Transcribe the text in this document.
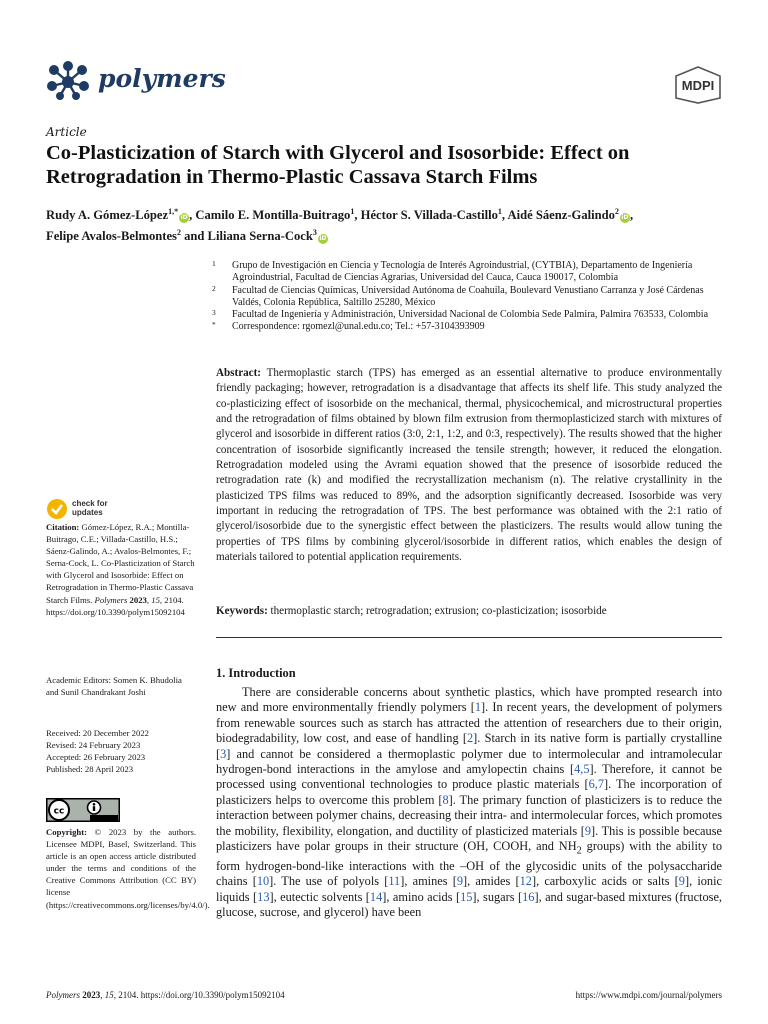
polymers	MDPI
Article
Co-Plasticization of Starch with Glycerol and Isosorbide: Effect on Retrogradation in Thermo-Plastic Cassava Starch Films
Rudy A. Gómez-López$^{1,*}$iD, Camilo E. Montilla-Buitrago$^1$, Héctor S. Villada-Castillo$^1$, Aidé Sáenz-Galindo$^2$iD,
Felipe Avalos-Belmontes$^2$ and Liliana Serna-Cock$^3$iD
1 Grupo de Investigación en Ciencia y Tecnología de Interés Agroindustrial, (CYTBIA), Departamento de Ingeniería Agroindustrial, Facultad de Ciencias Agrarias, Universidad del Cauca, Cauca 190017, Colombia
2 Facultad de Ciencias Químicas, Universidad Autónoma de Coahuila, Boulevard Venustiano Carranza y José Cárdenas Valdés, Colonia República, Saltillo 25280, México
3 Facultad de Ingeniería y Administración, Universidad Nacional de Colombia Sede Palmira, Palmira 763533, Colombia
* Correspondence: rgomezl@unal.edu.co; Tel.: +57-3104393909
check for
updates
Citation: Gómez-López, R.A.; Montilla-Buitrago, C.E.; Villada-Castillo, H.S.; Sáenz-Galindo, A.; Avalos-Belmontes, F.; Serna-Cock, L. Co-Plasticization of Starch with Glycerol and Isosorbide: Effect on Retrogradation in Thermo-Plastic Cassava Starch Films. Polymers 2023, 15, 2104. https://doi.org/10.3390/polym15092104
Academic Editors: Somen K. Bhudolia and Sunil Chandrakant Joshi
Received: 20 December 2022
Revised: 24 February 2023
Accepted: 26 February 2023
Published: 28 April 2023
cc
Copyright: © 2023 by the authors. Licensee MDPI, Basel, Switzerland. This article is an open access article distributed under the terms and conditions of the Creative Commons Attribution (CC BY) license (https://creativecommons.org/licenses/by/4.0/).
Abstract: Thermoplastic starch (TPS) has emerged as an essential alternative to produce environmentally friendly packaging; however, retrogradation is a disadvantage that affects its shelf life. This study analyzed the co-plasticizing effect of isosorbide on the mechanical, thermal, physicochemical, and microstructural properties and the retrogradation of films obtained by blown film extrusion from thermoplasticized starch with mixtures of glycerol and isosorbide in different ratios (3:0, 2:1, 1:2, and 0:3, respectively). The results showed that the higher concentration of isosorbide significantly increased the tensile strength; however, it reduced the elongation. Retrogradation modeled using the Avrami equation showed that the presence of isosorbide reduced the retrogradation rate (k) and modified the recrystallization mechanism (n). The relative crystallinity in the plasticized TPS films was reduced to 89%, and the adsorption significantly decreased. Isosorbide was very important in reducing the retrogradation of TPS. The best performance was obtained with the 2:1 ratio of glycerol/isosorbide due to the synergistic effect between the plasticizers. The results would allow tuning the properties of TPS films by combining glycerol/isosorbide in different ratios, which enables the design of materials tailored to potential application requirements.
Keywords: thermoplastic starch; retrogradation; extrusion; co-plasticization; isosorbide
1. Introduction

There are considerable concerns about synthetic plastics, which have prompted research into new and more environmentally friendly polymers [1]. In recent years, the development of polymers from renewable sources such as starch has attracted the attention of researchers due to their origin, biodegradability, low cost, and ease of handling [2]. Starch in its native form is partially crystalline [3] and cannot be considered a thermoplastic polymer due to intermolecular and intramolecular hydrogen-bond interactions in the amylose and amylopectin chains [4,5]. Therefore, it cannot be processed using conventional technologies to produce plastic materials [6,7]. The incorporation of plasticizers helps to overcome this problem [8]. The primary function of plasticizers is to reduce the interaction between polymer chains, decreasing their intra- and intermolecular forces, which promotes the mobility, flexibility, elongation, and ductility of plasticized materials [9]. This is possible because plasticizers have polar groups in their structure (OH, COOH, and $NH_2$ groups) with the ability to form hydrogen-bond-like interactions with the –OH of the glycosidic units of the polysaccharide chains [10]. The use of polyols [11], amines [9], amides [12], carboxylic acids or salts [9], ionic liquids [13], eutectic solvents [14], amino acids [15], sugars [16], and sugar-based mixtures (fructose, glucose, sucrose, and glycerol) have been

Polymers 2023, 15, 2104. https://doi.org/10.3390/polym15092104	https://www.mdpi.com/journal/polymers
